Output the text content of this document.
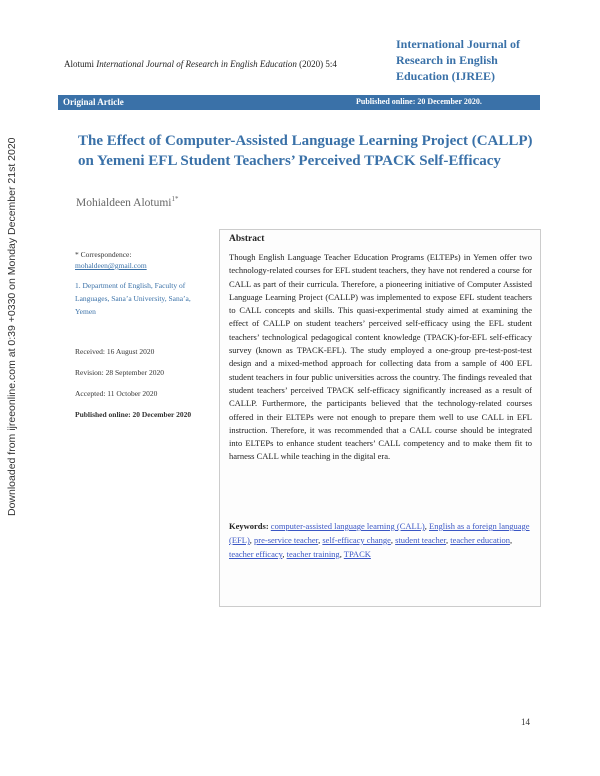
Downloaded from ijreeonline.com at 0:39 +0330 on Monday December 21st 2020
Alotumi International Journal of Research in English Education (2020) 5:4
International Journal of Research in English Education (IJREE)
Original Article	Published online: 20 December 2020.
The Effect of Computer-Assisted Language Learning Project (CALLP) on Yemeni EFL Student Teachers’ Perceived TPACK Self-Efficacy
Mohialdeen Alotumi$^{1*}$
* Correspondence:
mohaldeen@gmail.com
1. Department of English, Faculty of Languages, Sana’a University, Sana’a, Yemen
Received: 16 August 2020
Revision: 28 September 2020
Accepted: 11 October 2020
Published online: 20 December 2020
Abstract

Though English Language Teacher Education Programs (ELTEPs) in Yemen offer two technology-related courses for EFL student teachers, they have not rendered a course for CALL as part of their curricula. Therefore, a pioneering initiative of Computer Assisted Language Learning Project (CALLP) was implemented to expose EFL student teachers to CALL concepts and skills. This quasi-experimental study aimed at examining the effect of CALLP on student teachers’ perceived self-efficacy using the EFL student teachers’ technological pedagogical content knowledge (TPACK)-for-EFL self-efficacy survey (known as TPACK-EFL). The study employed a one-group pre-test-post-test design and a mixed-method approach for collecting data from a sample of 400 EFL student teachers in four public universities across the country. The findings revealed that student teachers’ perceived TPACK self-efficacy significantly increased as a result of CALLP. Furthermore, the participants believed that the technology-related courses offered in their ELTEPs were not enough to prepare them well to use CALL in EFL instruction. Therefore, it was recommended that a CALL course should be integrated into ELTEPs to enhance student teachers’ CALL competency and to make them fit to harness CALL while teaching in the digital era.

Keywords: computer-assisted language learning (CALL), English as a foreign language (EFL), pre-service teacher, self-efficacy change, student teacher, teacher education, teacher efficacy, teacher training, TPACK
14
